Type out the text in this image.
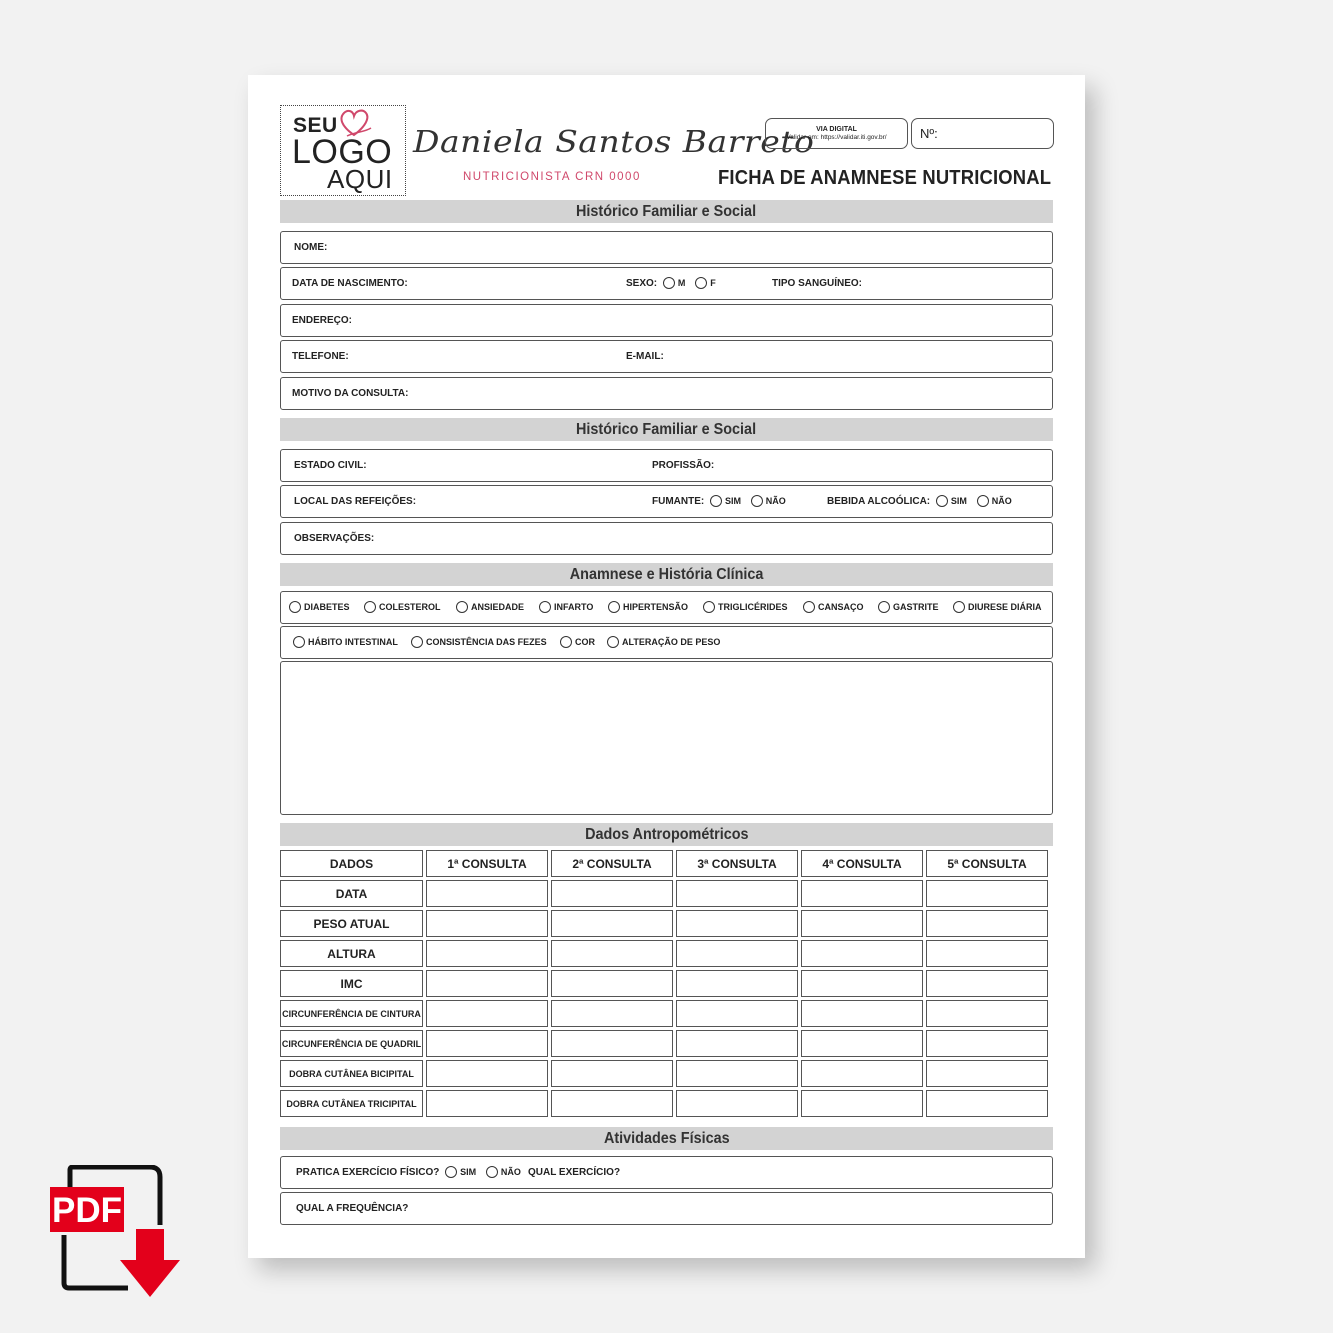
SEU
LOGO
AQUI
Daniela Santos Barreto
NUTRICIONISTA CRN 0000
VIA DIGITAL
Validar em: https://validar.iti.gov.br/	Nº:
FICHA DE ANAMNESE NUTRICIONAL
Histórico Familiar e Social
NOME:
DATA DE NASCIMENTO:	SEXO: M	F	TIPO SANGUÍNEO:
ENDEREÇO:
TELEFONE:	E-MAIL:
MOTIVO DA CONSULTA:
Histórico Familiar e Social
ESTADO CIVIL:	PROFISSÃO:
LOCAL DAS REFEIÇÕES:	FUMANTE: SIM	NÃO	BEBIDA ALCOÓLICA: SIM	NÃO
OBSERVAÇÕES:
Anamnese e História Clínica
DIABETES	COLESTEROL	ANSIEDADE	INFARTO	HIPERTENSÃO	TRIGLICÉRIDES	CANSAÇO	GASTRITE	DIURESE DIÁRIA
HÁBITO INTESTINAL	CONSISTÊNCIA DAS FEZES	COR	ALTERAÇÃO DE PESO
Dados Antropométricos
DADOS	1ª CONSULTA	2ª CONSULTA	3ª CONSULTA	4ª CONSULTA	5ª CONSULTA
DATA
PESO ATUAL
ALTURA
IMC
CIRCUNFERÊNCIA DE CINTURA
CIRCUNFERÊNCIA DE QUADRIL
DOBRA CUTÂNEA BICIPITAL
DOBRA CUTÂNEA TRICIPITAL
Atividades Físicas
PRATICA EXERCÍCIO FÍSICO? SIM	NÃO QUAL EXERCÍCIO?
QUAL A FREQUÊNCIA?
PDF
